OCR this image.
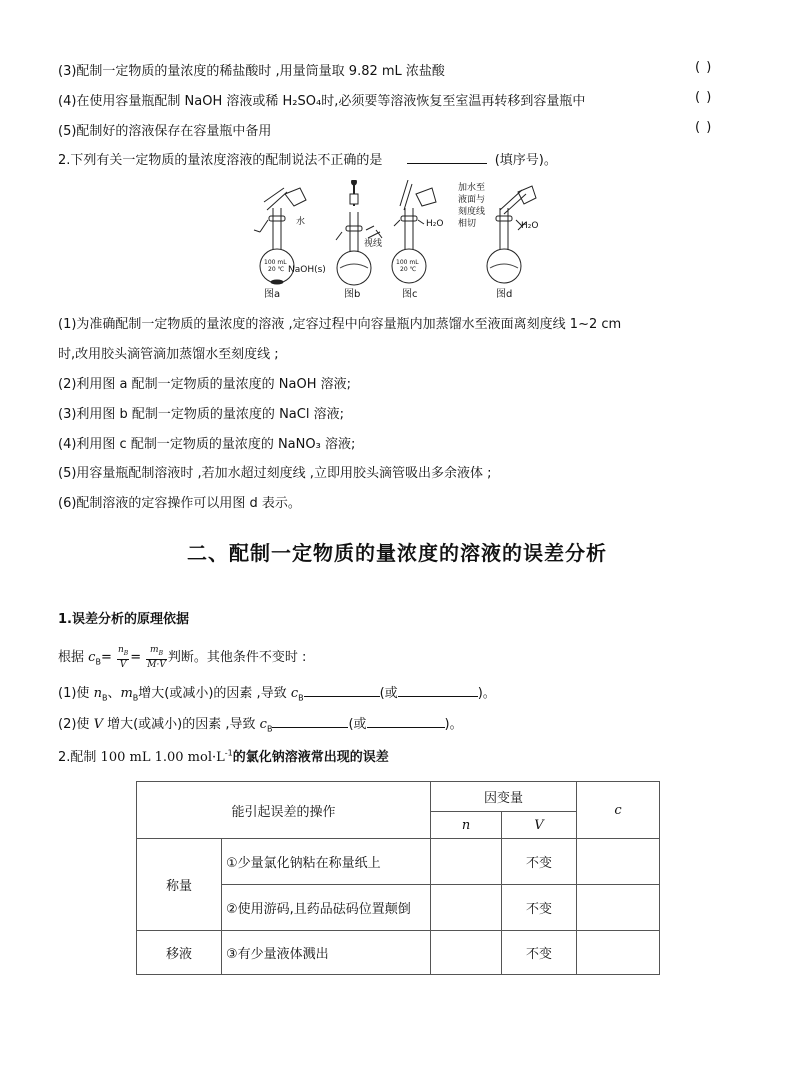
(3)配制一定物质的量浓度的稀盐酸时 ,用量筒量取 9.82 mL 浓盐酸	( )
(4)在使用容量瓶配制 NaOH 溶液或稀 H₂SO₄时,必须要等溶液恢复至室温再转移到容量瓶中	( )
(5)配制好的溶液保存在容量瓶中备用	( )
2.下列有关一定物质的量浓度溶液的配制说法不正确的是	(填序号)。
水
NaOH(s)
100 mL
20 ℃
视线
H₂O
100 mL
20 ℃
H₂O
加水至
液面与
刻度线
相切
图a	图b	图c	图d
(1)为准确配制一定物质的量浓度的溶液 ,定容过程中向容量瓶内加蒸馏水至液面离刻度线 1~2 cm
时,改用胶头滴管滴加蒸馏水至刻度线 ;
(2)利用图 a 配制一定物质的量浓度的 NaOH 溶液;
(3)利用图 b 配制一定物质的量浓度的 NaCl 溶液;
(4)利用图 c 配制一定物质的量浓度的 NaNO₃ 溶液;
(5)用容量瓶配制溶液时 ,若加水超过刻度线 ,立即用胶头滴管吸出多余液体 ;
(6)配制溶液的定容操作可以用图 d 表示。
二、配制一定物质的量浓度的溶液的误差分析
1.误差分析的原理依据
根据 $c_B= \frac{n_B}{V} = \frac{m_B}{M\cdot V}$ 判断。其他条件不变时 :
(1)使 $n_B$、$m_B$增大(或减小)的因素 ,导致 $c_B$	(或	)。
(2)使 V 增大(或减小)的因素 ,导致 $c_B$	(或	)。
2.配制 100 mL 1.00 $mol\cdot L^{-1}$的氯化钠溶液常出现的误差
能引起误差的操作		因变量		c
		n	V	
称量	①少量氯化钠粘在称量纸上		不变	
	②使用游码,且药品砝码位置颠倒		不变	
移液	③有少量液体溅出		不变	
